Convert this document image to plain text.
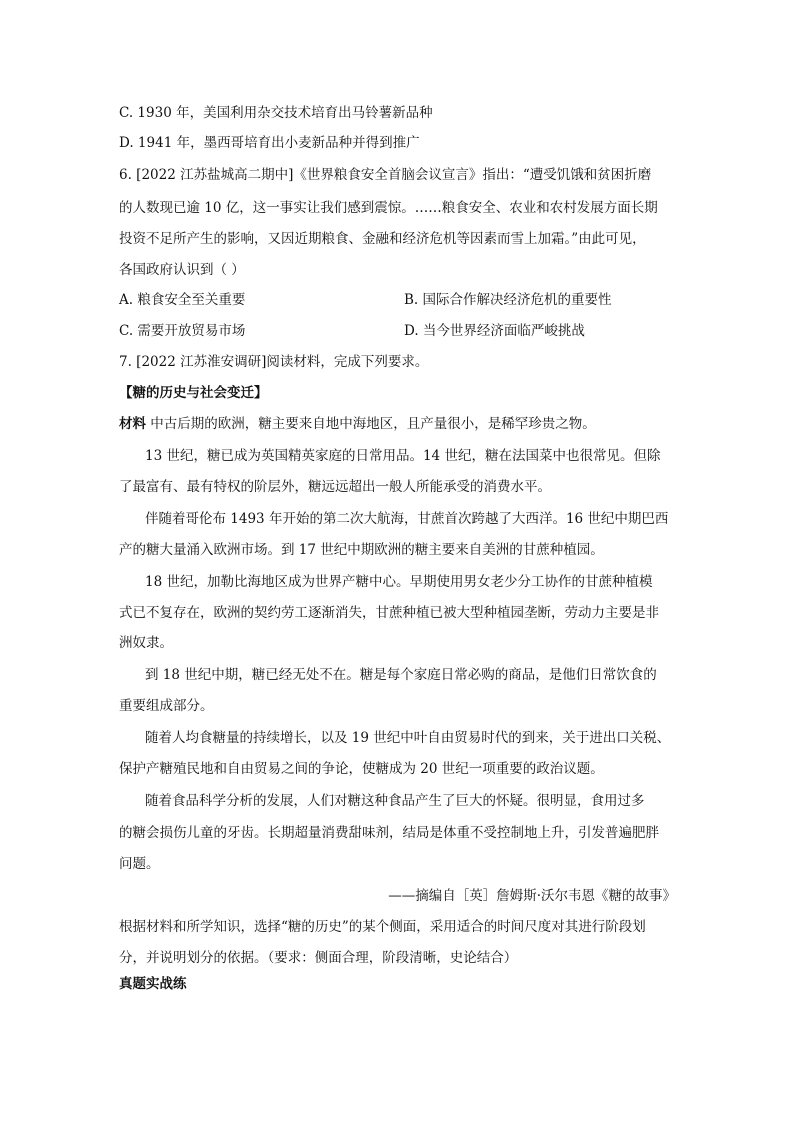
C. 1930 年，美国利用杂交技术培育出马铃薯新品种
D. 1941 年，墨西哥培育出小麦新品种并得到推广
6. [2022 江苏盐城高二期中]《世界粮食安全首脑会议宣言》指出：“遭受饥饿和贫困折磨
的人数现已逾 10 亿，这一事实让我们感到震惊。……粮食安全、农业和农村发展方面长期
投资不足所产生的影响，又因近期粮食、金融和经济危机等因素而雪上加霜。”由此可见，
各国政府认识到（ ）
A. 粮食安全至关重要	B. 国际合作解决经济危机的重要性
C. 需要开放贸易市场	D. 当今世界经济面临严峻挑战
7. [2022 江苏淮安调研]阅读材料，完成下列要求。
【糖的历史与社会变迁】
材料 中古后期的欧洲，糖主要来自地中海地区，且产量很小，是稀罕珍贵之物。
13 世纪，糖已成为英国精英家庭的日常用品。14 世纪，糖在法国菜中也很常见。但除
了最富有、最有特权的阶层外，糖远远超出一般人所能承受的消费水平。
伴随着哥伦布 1493 年开始的第二次大航海，甘蔗首次跨越了大西洋。16 世纪中期巴西
产的糖大量涌入欧洲市场。到 17 世纪中期欧洲的糖主要来自美洲的甘蔗种植园。
18 世纪，加勒比海地区成为世界产糖中心。早期使用男女老少分工协作的甘蔗种植模
式已不复存在，欧洲的契约劳工逐渐消失，甘蔗种植已被大型种植园垄断，劳动力主要是非
洲奴隶。
到 18 世纪中期，糖已经无处不在。糖是每个家庭日常必购的商品，是他们日常饮食的
重要组成部分。
随着人均食糖量的持续增长，以及 19 世纪中叶自由贸易时代的到来，关于进出口关税、
保护产糖殖民地和自由贸易之间的争论，使糖成为 20 世纪一项重要的政治议题。
随着食品科学分析的发展，人们对糖这种食品产生了巨大的怀疑。很明显，食用过多
的糖会损伤儿童的牙齿。长期超量消费甜味剂，结局是体重不受控制地上升，引发普遍肥胖
问题。
——摘编自［英］詹姆斯·沃尔韦恩《糖的故事》
根据材料和所学知识，选择“糖的历史”的某个侧面，采用适合的时间尺度对其进行阶段划
分，并说明划分的依据。（要求：侧面合理，阶段清晰，史论结合）
真题实战练
